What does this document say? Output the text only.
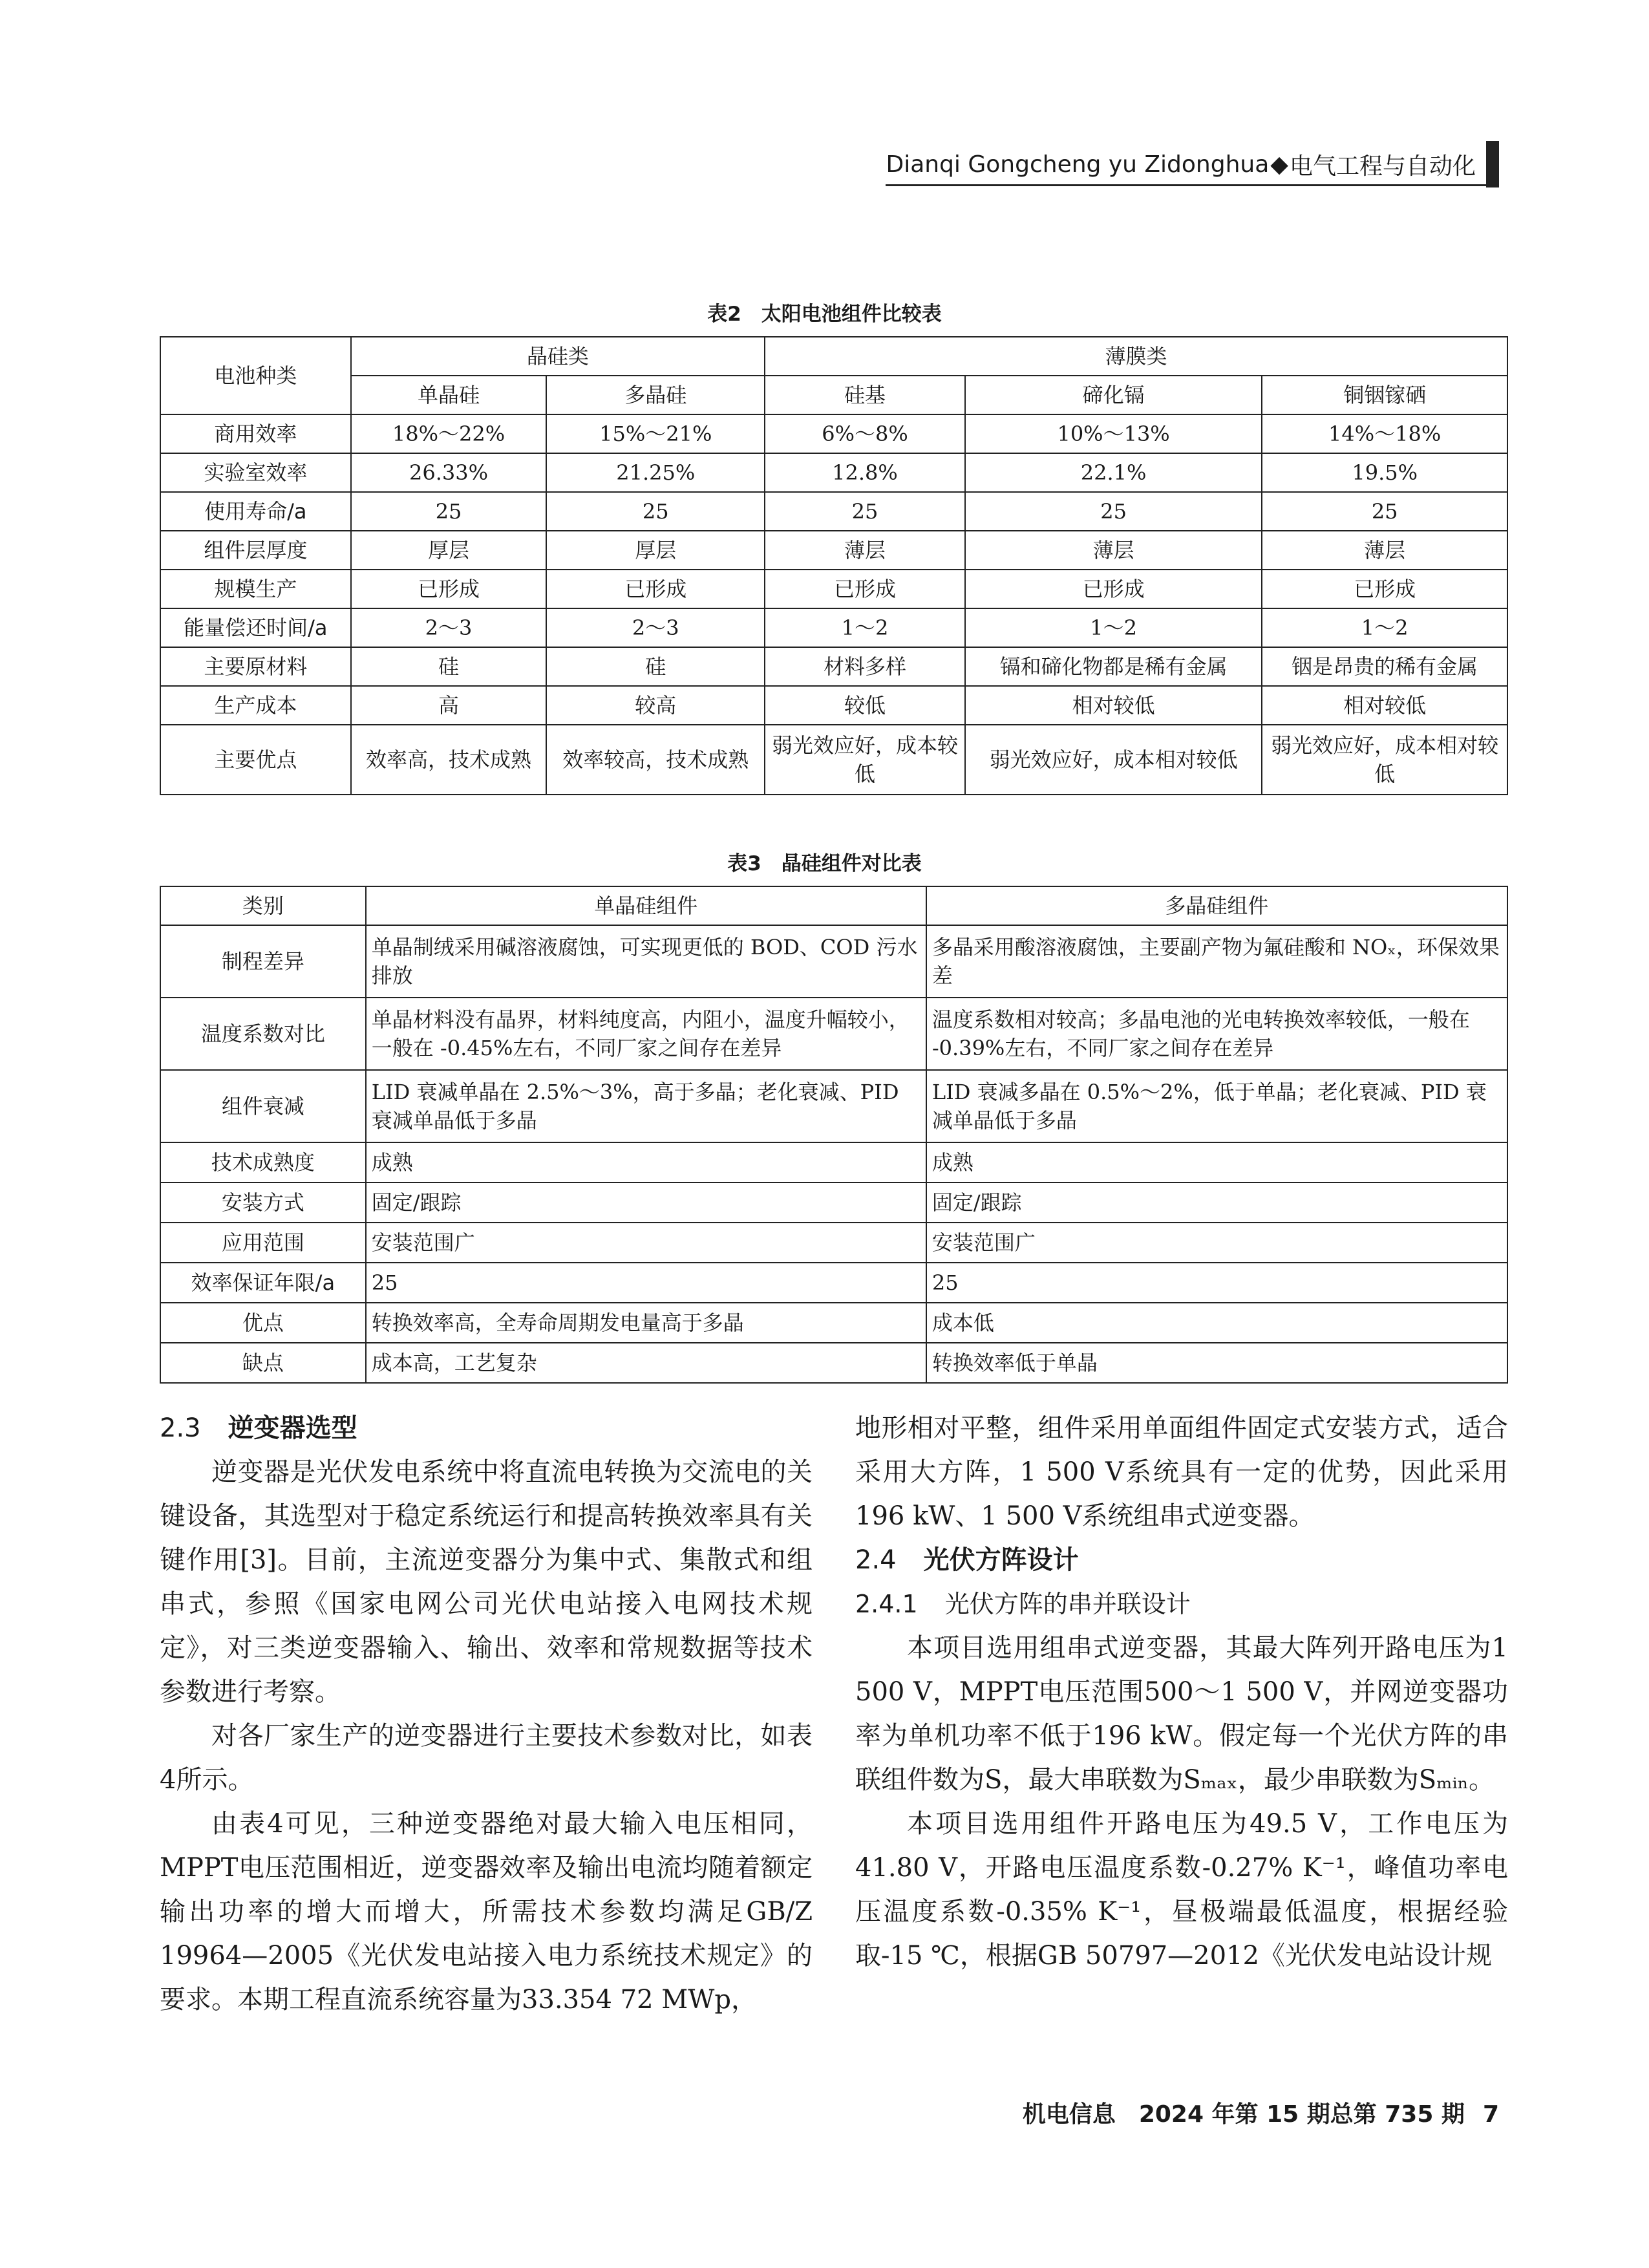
Dianqi Gongcheng yu Zidonghua ◆ 电气工程与自动化
表2　太阳电池组件比较表
电池种类	晶硅类		薄膜类		
	单晶硅	多晶硅	硅基	碲化镉	铜铟镓硒
商用效率	18%～22%	15%～21%	6%～8%	10%～13%	14%～18%
实验室效率	26.33%	21.25%	12.8%	22.1%	19.5%
使用寿命/a	25	25	25	25	25
组件层厚度	厚层	厚层	薄层	薄层	薄层
规模生产	已形成	已形成	已形成	已形成	已形成
能量偿还时间/a	2～3	2～3	1～2	1～2	1～2
主要原材料	硅	硅	材料多样	镉和碲化物都是稀有金属	铟是昂贵的稀有金属
生产成本	高	较高	较低	相对较低	相对较低
主要优点	效率高，技术成熟	效率较高，技术成熟	弱光效应好，成本较低	弱光效应好，成本相对较低	弱光效应好，成本相对较低
表3　晶硅组件对比表
类别	单晶硅组件	多晶硅组件
制程差异	单晶制绒采用碱溶液腐蚀，可实现更低的 BOD、COD 污水排放	多晶采用酸溶液腐蚀，主要副产物为氟硅酸和 NOₓ，环保效果差
温度系数对比	单晶材料没有晶界，材料纯度高，内阻小，温度升幅较小，一般在 -0.45%左右，不同厂家之间存在差异	温度系数相对较高；多晶电池的光电转换效率较低，一般在 -0.39%左右，不同厂家之间存在差异
组件衰减	LID 衰减单晶在 2.5%～3%，高于多晶；老化衰减、PID 衰减单晶低于多晶	LID 衰减多晶在 0.5%～2%，低于单晶；老化衰减、PID 衰减单晶低于多晶
技术成熟度	成熟	成熟
安装方式	固定/跟踪	固定/跟踪
应用范围	安装范围广	安装范围广
效率保证年限/a	25	25
优点	转换效率高，全寿命周期发电量高于多晶	成本低
缺点	成本高，工艺复杂	转换效率低于单晶
2.3 逆变器选型

逆变器是光伏发电系统中将直流电转换为交流电的关键设备，其选型对于稳定系统运行和提高转换效率具有关键作用[3]。目前，主流逆变器分为集中式、集散式和组串式，参照《国家电网公司光伏电站接入电网技术规定》，对三类逆变器输入、输出、效率和常规数据等技术参数进行考察。

对各厂家生产的逆变器进行主要技术参数对比，如表4所示。

由表4可见，三种逆变器绝对最大输入电压相同，MPPT电压范围相近，逆变器效率及输出电流均随着额定输出功率的增大而增大，所需技术参数均满足GB/Z 19964—2005《光伏发电站接入电力系统技术规定》的要求。本期工程直流系统容量为33.354 72 MWp，

地形相对平整，组件采用单面组件固定式安装方式，适合采用大方阵，1 500 V系统具有一定的优势，因此采用196 kW、1 500 V系统组串式逆变器。

2.4 光伏方阵设计
2.4.1 光伏方阵的串并联设计

本项目选用组串式逆变器，其最大阵列开路电压为1 500 V，MPPT电压范围500～1 500 V，并网逆变器功率为单机功率不低于196 kW。假定每一个光伏方阵的串联组件数为S，最大串联数为Sₘₐₓ，最少串联数为Sₘᵢₙ。

本项目选用组件开路电压为49.5 V，工作电压为41.80 V，开路电压温度系数-0.27% K⁻¹，峰值功率电压温度系数-0.35% K⁻¹，昼极端最低温度，根据经验取-15 ℃，根据GB 50797—2012《光伏发电站设计规

机电信息　2024 年第 15 期总第 735 期 7
